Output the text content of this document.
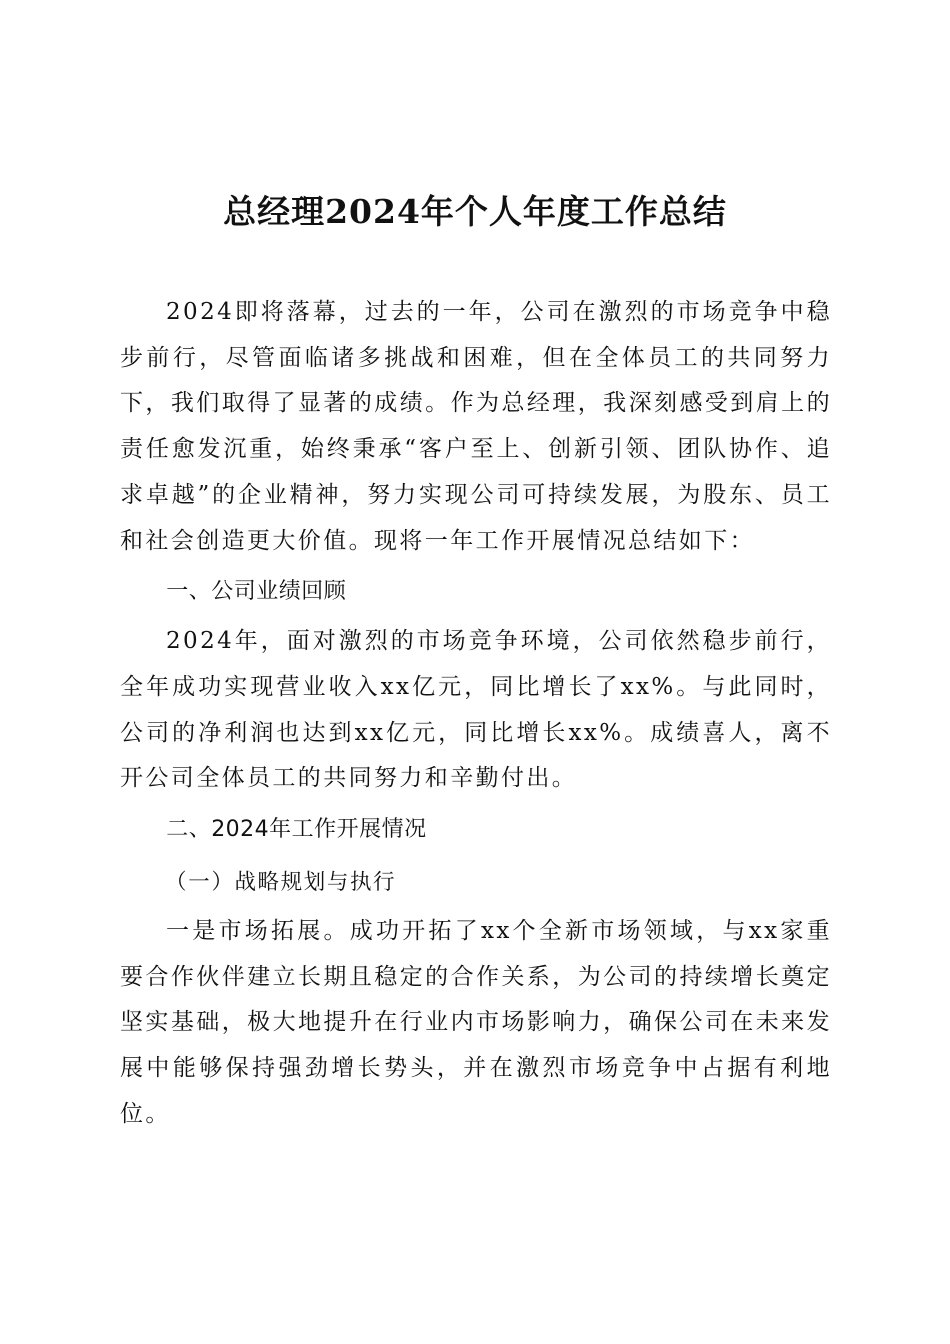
总经理2024年个人年度工作总结

2024即将落幕，过去的一年，公司在激烈的市场竞争中稳步前行，尽管面临诸多挑战和困难，但在全体员工的共同努力下，我们取得了显著的成绩。作为总经理，我深刻感受到肩上的责任愈发沉重，始终秉承“客户至上、创新引领、团队协作、追求卓越”的企业精神，努力实现公司可持续发展，为股东、员工和社会创造更大价值。现将一年工作开展情况总结如下：

一、公司业绩回顾

2024年，面对激烈的市场竞争环境，公司依然稳步前行，全年成功实现营业收入xx亿元，同比增长了xx%。与此同时，公司的净利润也达到xx亿元，同比增长xx%。成绩喜人，离不开公司全体员工的共同努力和辛勤付出。

二、2024年工作开展情况

（一）战略规划与执行

一是市场拓展。成功开拓了xx个全新市场领域，与xx家重要合作伙伴建立长期且稳定的合作关系，为公司的持续增长奠定坚实基础，极大地提升在行业内市场影响力，确保公司在未来发展中能够保持强劲增长势头，并在激烈市场竞争中占据有利地位。
